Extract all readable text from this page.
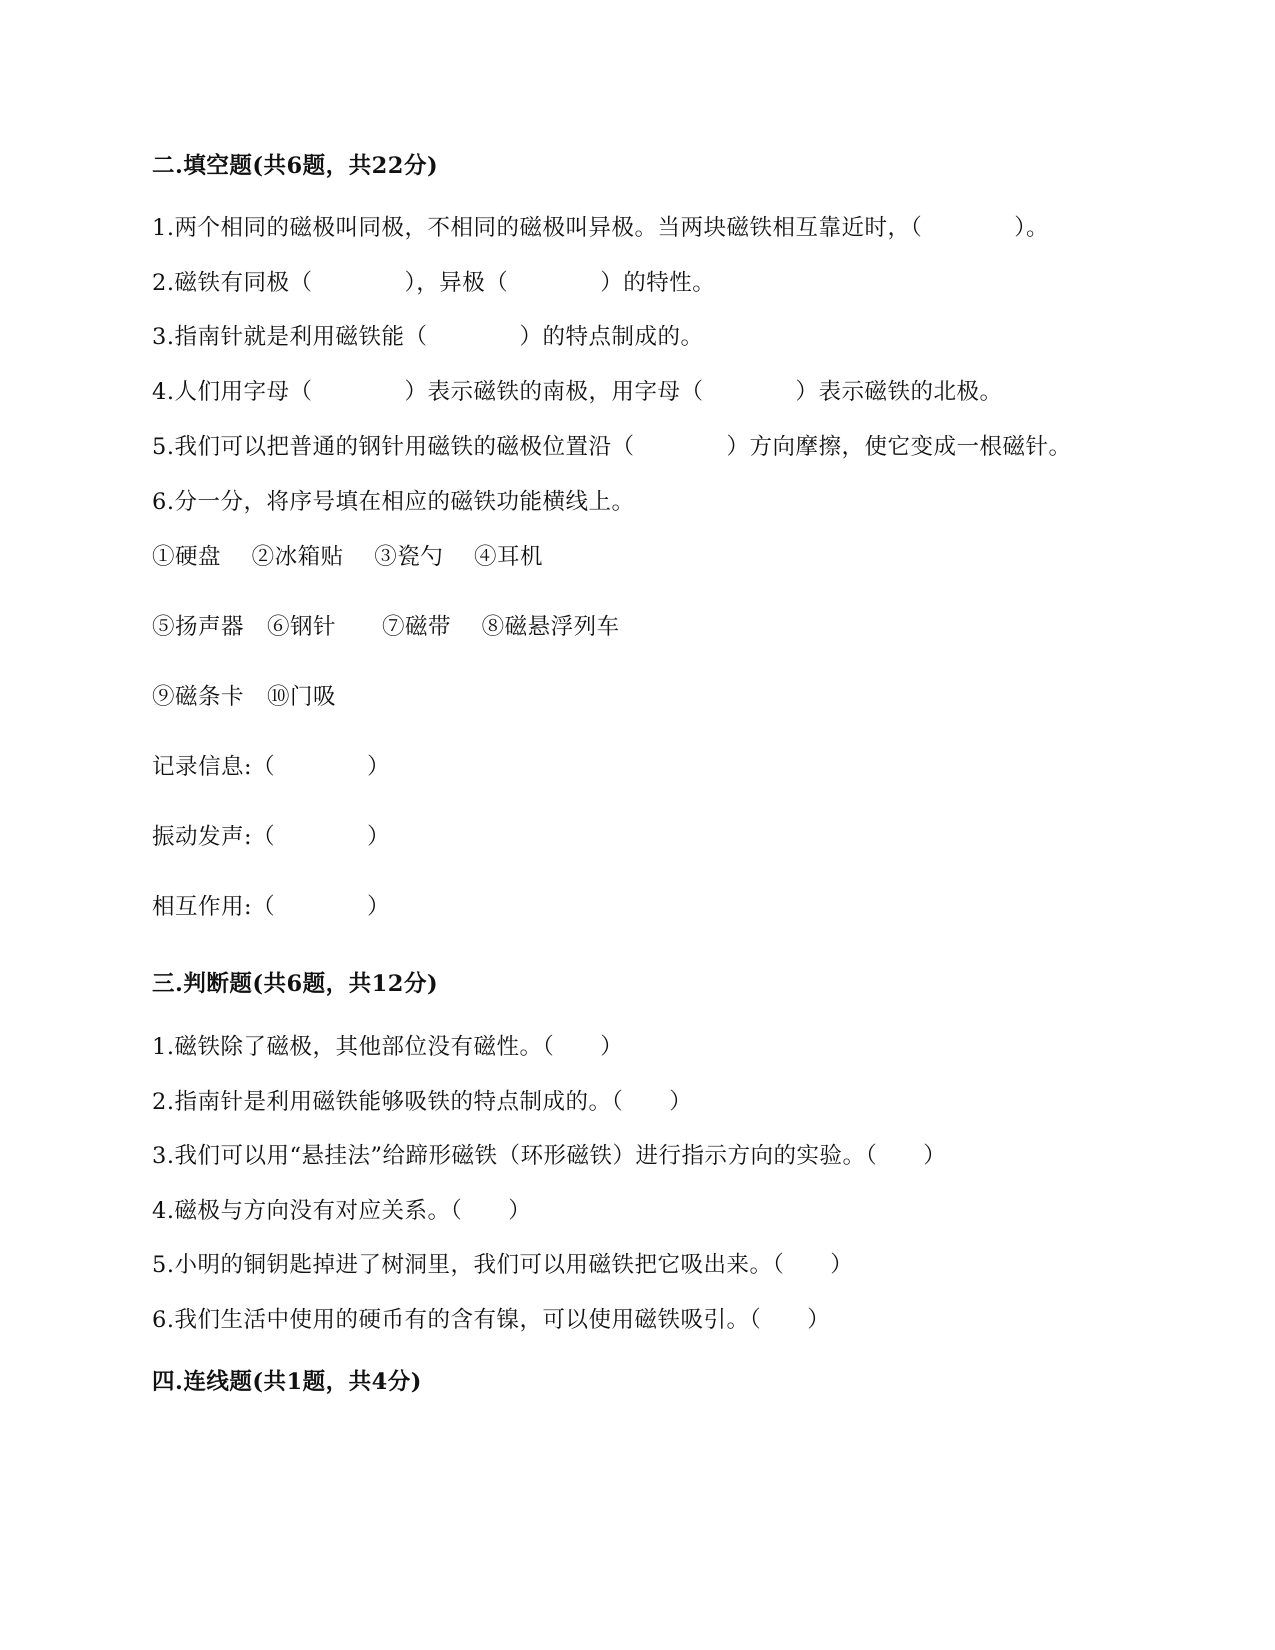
二.填空题(共6题，共22分)
1.两个相同的磁极叫同极，不相同的磁极叫异极。当两块磁铁相互靠近时，（　　　　）。
2.磁铁有同极（　　　　），异极（　　　　）的特性。
3.指南针就是利用磁铁能（　　　　）的特点制成的。
4.人们用字母（　　　　）表示磁铁的南极，用字母（　　　　）表示磁铁的北极。
5.我们可以把普通的钢针用磁铁的磁极位置沿（　　　　）方向摩擦，使它变成一根磁针。
6.分一分，将序号填在相应的磁铁功能横线上。
①硬盘　 ②冰箱贴　 ③瓷勺　 ④耳机
⑤扬声器　⑥钢针　　⑦磁带　 ⑧磁悬浮列车
⑨磁条卡　⑩门吸
记录信息:（　　　　）
振动发声:（　　　　）
相互作用:（　　　　）
三.判断题(共6题，共12分)
1.磁铁除了磁极，其他部位没有磁性。（　　）
2.指南针是利用磁铁能够吸铁的特点制成的。（　　）
3.我们可以用“悬挂法”给蹄形磁铁（环形磁铁）进行指示方向的实验。（　　）
4.磁极与方向没有对应关系。（　　）
5.小明的铜钥匙掉进了树洞里，我们可以用磁铁把它吸出来。（　　）
6.我们生活中使用的硬币有的含有镍，可以使用磁铁吸引。（　　）
四.连线题(共1题，共4分)
